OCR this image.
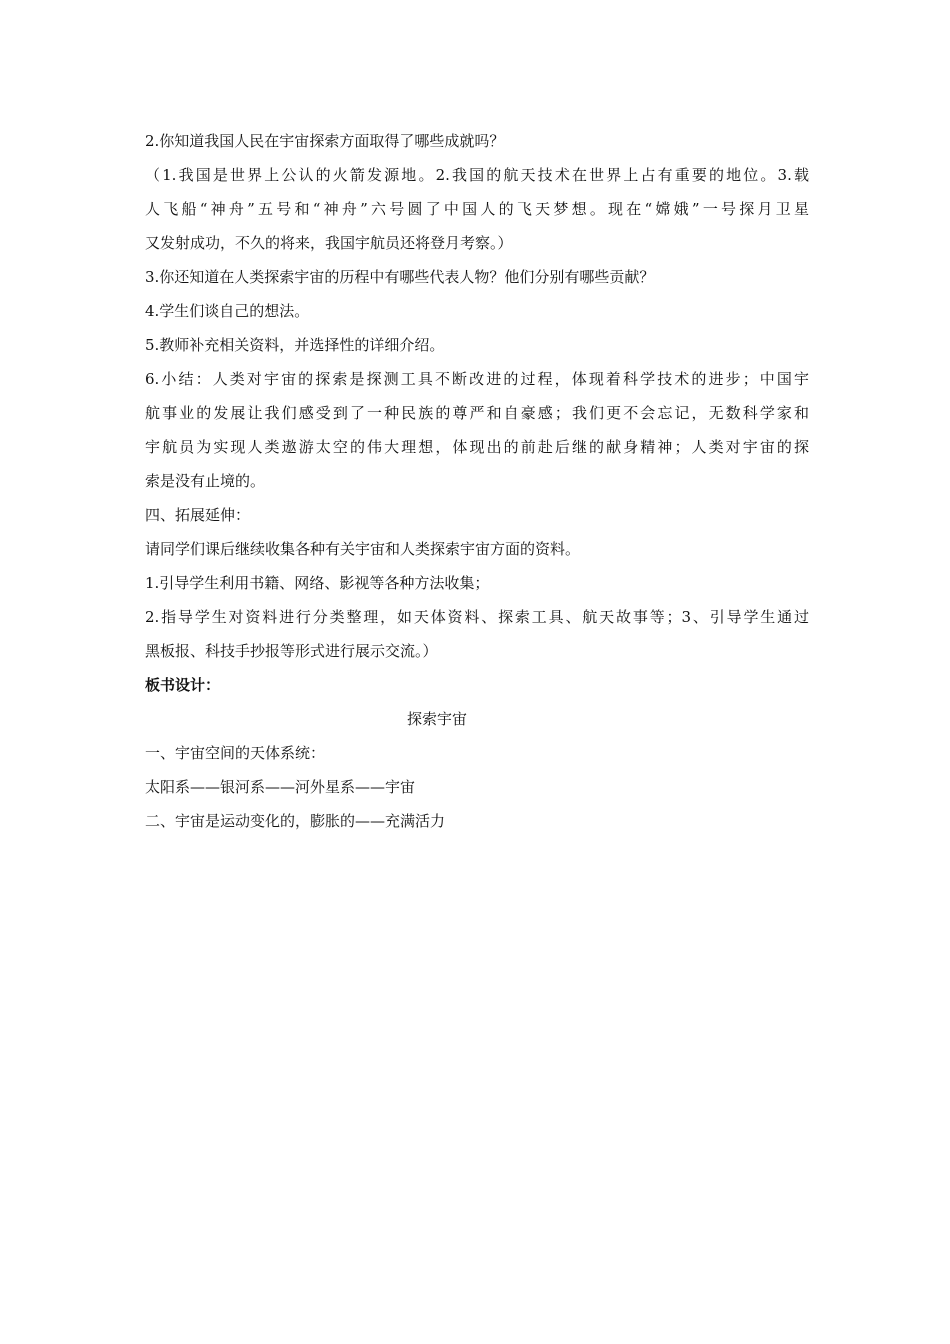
2.你知道我国人民在宇宙探索方面取得了哪些成就吗？

（1.我国是世界上公认的火箭发源地。2.我国的航天技术在世界上占有重要的地位。3.载

人飞船“神舟”五号和“神舟”六号圆了中国人的飞天梦想。现在“嫦娥”一号探月卫星

又发射成功，不久的将来，我国宇航员还将登月考察。）

3.你还知道在人类探索宇宙的历程中有哪些代表人物？他们分别有哪些贡献？

4.学生们谈自己的想法。

5.教师补充相关资料，并选择性的详细介绍。

6.小结：人类对宇宙的探索是探测工具不断改进的过程，体现着科学技术的进步；中国宇

航事业的发展让我们感受到了一种民族的尊严和自豪感；我们更不会忘记，无数科学家和

宇航员为实现人类遨游太空的伟大理想，体现出的前赴后继的献身精神；人类对宇宙的探

索是没有止境的。

四、拓展延伸：

请同学们课后继续收集各种有关宇宙和人类探索宇宙方面的资料。

1.引导学生利用书籍、网络、影视等各种方法收集；

2.指导学生对资料进行分类整理，如天体资料、探索工具、航天故事等；3、引导学生通过

黑板报、科技手抄报等形式进行展示交流。）

板书设计：

探索宇宙

一、宇宙空间的天体系统：

太阳系——银河系——河外星系——宇宙

二、宇宙是运动变化的，膨胀的——充满活力
